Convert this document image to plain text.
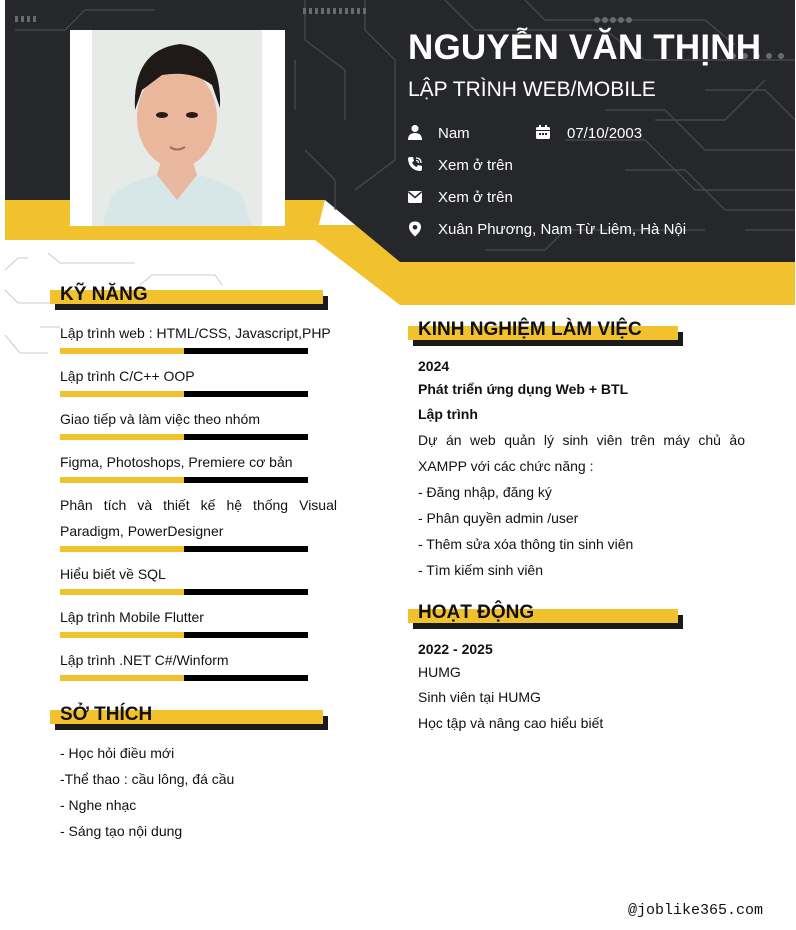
NGUYỄN VĂN THỊNH
LẬP TRÌNH WEB/MOBILE
Nam	07/10/2003
Xem ở trên
Xem ở trên
Xuân Phương, Nam Từ Liêm, Hà Nội
KỸ NĂNG
Lập trình web : HTML/CSS, Javascript,PHP
Lập trình C/C++ OOP
Giao tiếp và làm việc theo nhóm
Figma, Photoshops, Premiere cơ bản
Phân tích và thiết kế hệ thống Visual Paradigm, PowerDesigner
Hiểu biết về SQL
Lập trình Mobile Flutter
Lập trình .NET C#/Winform
SỞ THÍCH
- Học hỏi điều mới
-Thể thao : cầu lông, đá cầu
- Nghe nhạc
- Sáng tạo nội dung
KINH NGHIỆM LÀM VIỆC
2024
Phát triển ứng dụng Web + BTL
Lập trình
Dự án web quản lý sinh viên trên máy chủ ảo XAMPP với các chức năng :
- Đăng nhập, đăng ký
- Phân quyền admin /user
- Thêm sửa xóa thông tin sinh viên
- Tìm kiếm sinh viên
HOẠT ĐỘNG
2022 - 2025
HUMG
Sinh viên tại HUMG
Học tập và nâng cao hiểu biết
@joblike365.com
